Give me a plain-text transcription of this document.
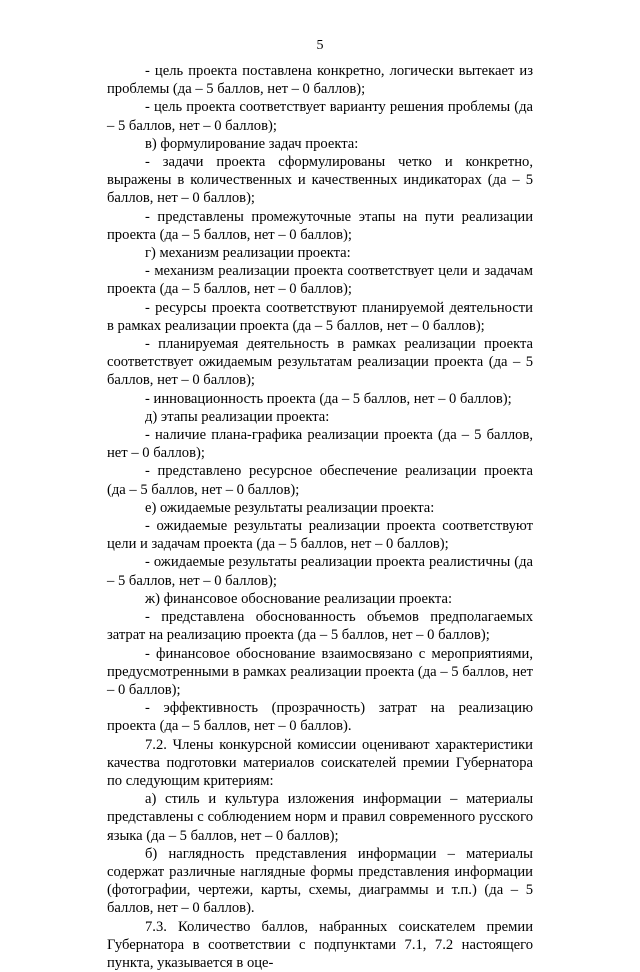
5

- цель проекта поставлена конкретно, логически вытекает из проблемы (да – 5 баллов, нет – 0 баллов);

- цель проекта соответствует варианту решения проблемы (да – 5 баллов, нет – 0 баллов);

в) формулирование задач проекта:

- задачи проекта сформулированы четко и конкретно, выражены в количественных и качественных индикаторах (да – 5 баллов, нет – 0 баллов);

- представлены промежуточные этапы на пути реализации проекта (да – 5 баллов, нет – 0 баллов);

г) механизм реализации проекта:

- механизм реализации проекта соответствует цели и задачам проекта (да – 5 баллов, нет – 0 баллов);

- ресурсы проекта соответствуют планируемой деятельности в рамках реализации проекта (да – 5 баллов, нет – 0 баллов);

- планируемая деятельность в рамках реализации проекта соответствует ожидаемым результатам реализации проекта (да – 5 баллов, нет – 0 баллов);

- инновационность проекта (да – 5 баллов, нет – 0 баллов);

д) этапы реализации проекта:

- наличие плана-графика реализации проекта (да – 5 баллов, нет – 0 баллов);

- представлено ресурсное обеспечение реализации проекта (да – 5 баллов, нет – 0 баллов);

е) ожидаемые результаты реализации проекта:

- ожидаемые результаты реализации проекта соответствуют цели и задачам проекта (да – 5 баллов, нет – 0 баллов);

- ожидаемые результаты реализации проекта реалистичны (да – 5 баллов, нет – 0 баллов);

ж) финансовое обоснование реализации проекта:

- представлена обоснованность объемов предполагаемых затрат на реализацию проекта (да – 5 баллов, нет – 0 баллов);

- финансовое обоснование взаимосвязано с мероприятиями, предусмотренными в рамках реализации проекта (да – 5 баллов, нет – 0 баллов);

- эффективность (прозрачность) затрат на реализацию проекта (да – 5 баллов, нет – 0 баллов).

7.2. Члены конкурсной комиссии оценивают характеристики качества подготовки материалов соискателей премии Губернатора по следующим критериям:

а) стиль и культура изложения информации – материалы представлены с соблюдением норм и правил современного русского языка (да – 5 баллов, нет – 0 баллов);

б) наглядность представления информации – материалы содержат различные наглядные формы представления информации (фотографии, чертежи, карты, схемы, диаграммы и т.п.) (да – 5 баллов, нет – 0 баллов).

7.3. Количество баллов, набранных соискателем премии Губернатора в соответствии с подпунктами 7.1, 7.2 настоящего пункта, указывается в оце-
